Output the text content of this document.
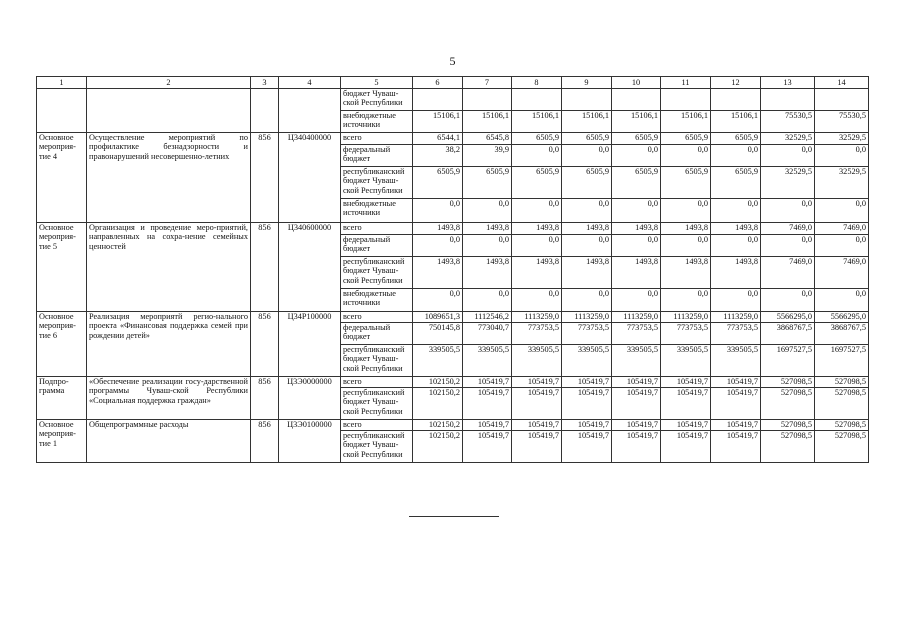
5
1	2	3	4	5	6	7	8	9	10	11	12	13	14
				бюджет Чуваш-ской Республики									
				внебюджетные источники	15106,1	15106,1	15106,1	15106,1	15106,1	15106,1	15106,1	75530,5	75530,5
Основное мероприя-тие 4	Осуществление мероприятий по профилактике безнадзорности и правонарушений несовершенно-летних	856	Ц340400000	всего	6544,1	6545,8	6505,9	6505,9	6505,9	6505,9	6505,9	32529,5	32529,5
				федеральный бюджет	38,2	39,9	0,0	0,0	0,0	0,0	0,0	0,0	0,0
				республиканский бюджет Чуваш-ской Республики	6505,9	6505,9	6505,9	6505,9	6505,9	6505,9	6505,9	32529,5	32529,5
				внебюджетные источники	0,0	0,0	0,0	0,0	0,0	0,0	0,0	0,0	0,0
Основное мероприя-тие 5	Организация и проведение меро-приятий, направленных на сохра-нение семейных ценностей	856	Ц340600000	всего	1493,8	1493,8	1493,8	1493,8	1493,8	1493,8	1493,8	7469,0	7469,0
				федеральный бюджет	0,0	0,0	0,0	0,0	0,0	0,0	0,0	0,0	0,0
				республиканский бюджет Чуваш-ской Республики	1493,8	1493,8	1493,8	1493,8	1493,8	1493,8	1493,8	7469,0	7469,0
				внебюджетные источники	0,0	0,0	0,0	0,0	0,0	0,0	0,0	0,0	0,0
Основное мероприя-тие 6	Реализация мероприятй регио-нального проекта «Финансовая поддержка семей при рождении детей»	856	Ц34P100000	всего	1089651,3	1112546,2	1113259,0	1113259,0	1113259,0	1113259,0	1113259,0	5566295,0	5566295,0
				федеральный бюджет	750145,8	773040,7	773753,5	773753,5	773753,5	773753,5	773753,5	3868767,5	3868767,5
				республиканский бюджет Чуваш-ской Республики	339505,5	339505,5	339505,5	339505,5	339505,5	339505,5	339505,5	1697527,5	1697527,5
Подпро-грамма	«Обеспечение реализации госу-дарственной программы Чуваш-ской Республики «Социальная поддержка граждан»	856	Ц3Э0000000	всего	102150,2	105419,7	105419,7	105419,7	105419,7	105419,7	105419,7	527098,5	527098,5
				республиканский бюджет Чуваш-ской Республики	102150,2	105419,7	105419,7	105419,7	105419,7	105419,7	105419,7	527098,5	527098,5
Основное мероприя-тие 1	Общепрограммные расходы	856	Ц3Э0100000	всего	102150,2	105419,7	105419,7	105419,7	105419,7	105419,7	105419,7	527098,5	527098,5
				республиканский бюджет Чуваш-ской Республики	102150,2	105419,7	105419,7	105419,7	105419,7	105419,7	105419,7	527098,5	527098,5
